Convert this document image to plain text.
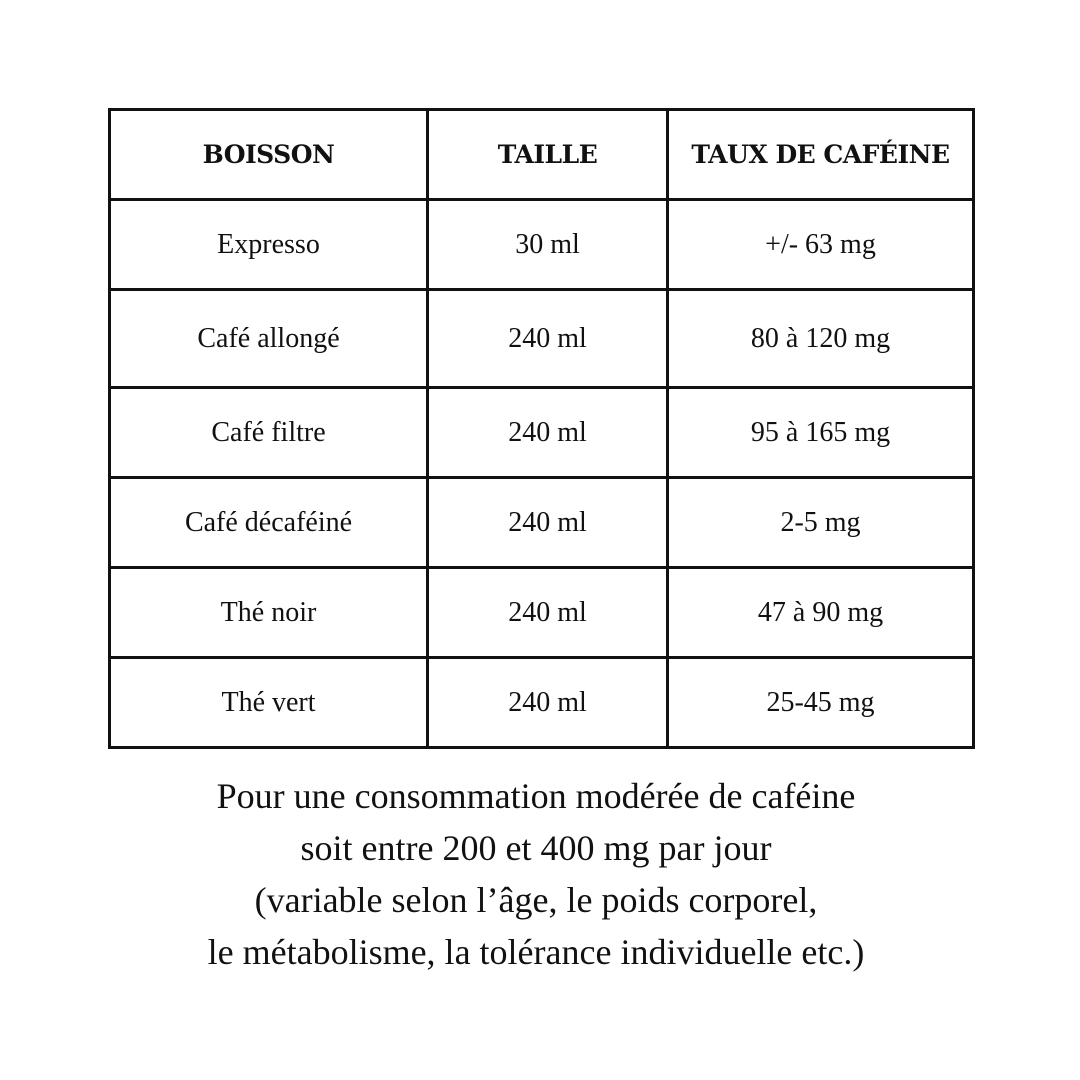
BOISSON	TAILLE	TAUX DE CAFÉINE
Expresso	30 ml	+/- 63 mg
Café allongé	240 ml	80 à 120 mg
Café filtre	240 ml	95 à 165 mg
Café décaféiné	240 ml	2-5 mg
Thé noir	240 ml	47 à 90 mg
Thé vert	240 ml	25-45 mg
Pour une consommation modérée de caféine
soit entre 200 et 400 mg par jour
(variable selon l’âge, le poids corporel,
le métabolisme, la tolérance individuelle etc.)
